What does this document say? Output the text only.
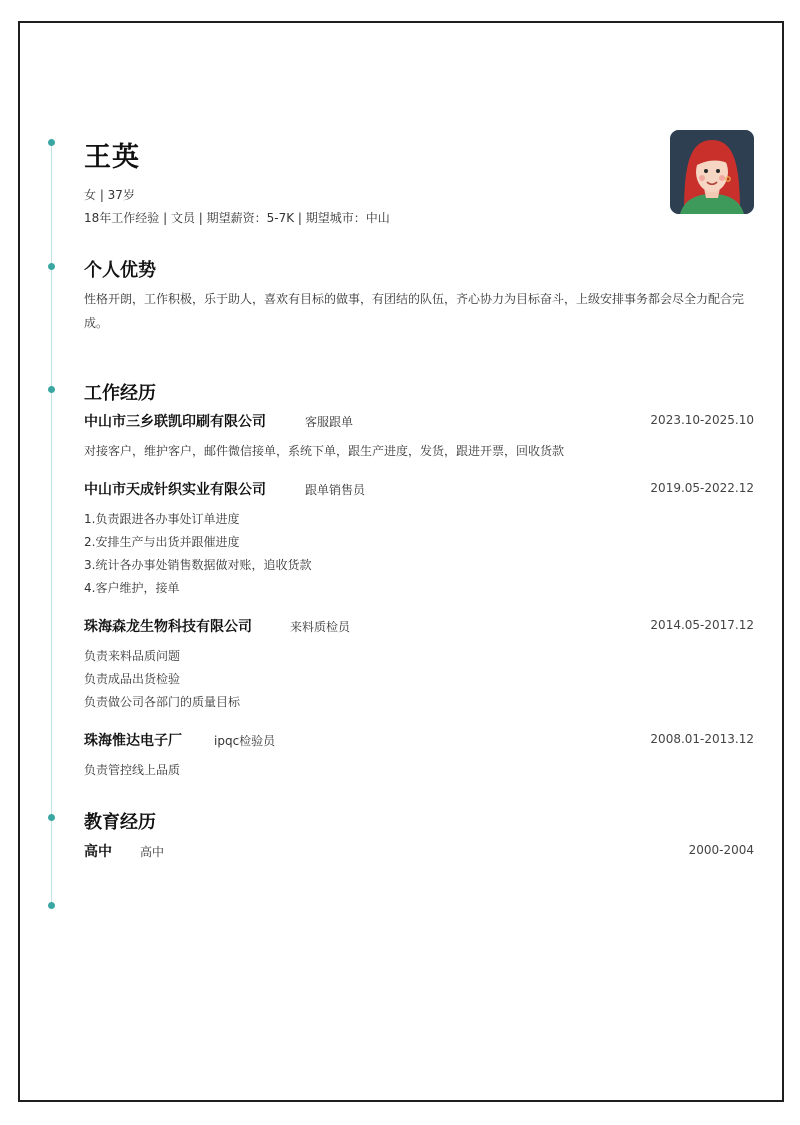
王英
女 | 37岁
18年工作经验 | 文员 | 期望薪资：5-7K | 期望城市：中山
个人优势
性格开朗，工作积极，乐于助人，喜欢有目标的做事，有团结的队伍，齐心协力为目标奋斗，上级安排事务都会尽全力配合完成。
工作经历
中山市三乡联凯印刷有限公司	客服跟单	2023.10-2025.10
对接客户，维护客户，邮件微信接单，系统下单，跟生产进度，发货，跟进开票，回收货款
中山市天成针织实业有限公司	跟单销售员	2019.05-2022.12
1.负责跟进各办事处订单进度
2.安排生产与出货并跟催进度
3.统计各办事处销售数据做对账，追收货款
4.客户维护，接单
珠海森龙生物科技有限公司	来料质检员	2014.05-2017.12
负责来料品质问题
负责成品出货检验
负责做公司各部门的质量目标
珠海惟达电子厂	ipqc检验员	2008.01-2013.12
负责管控线上品质
教育经历
高中 高中	2000-2004
